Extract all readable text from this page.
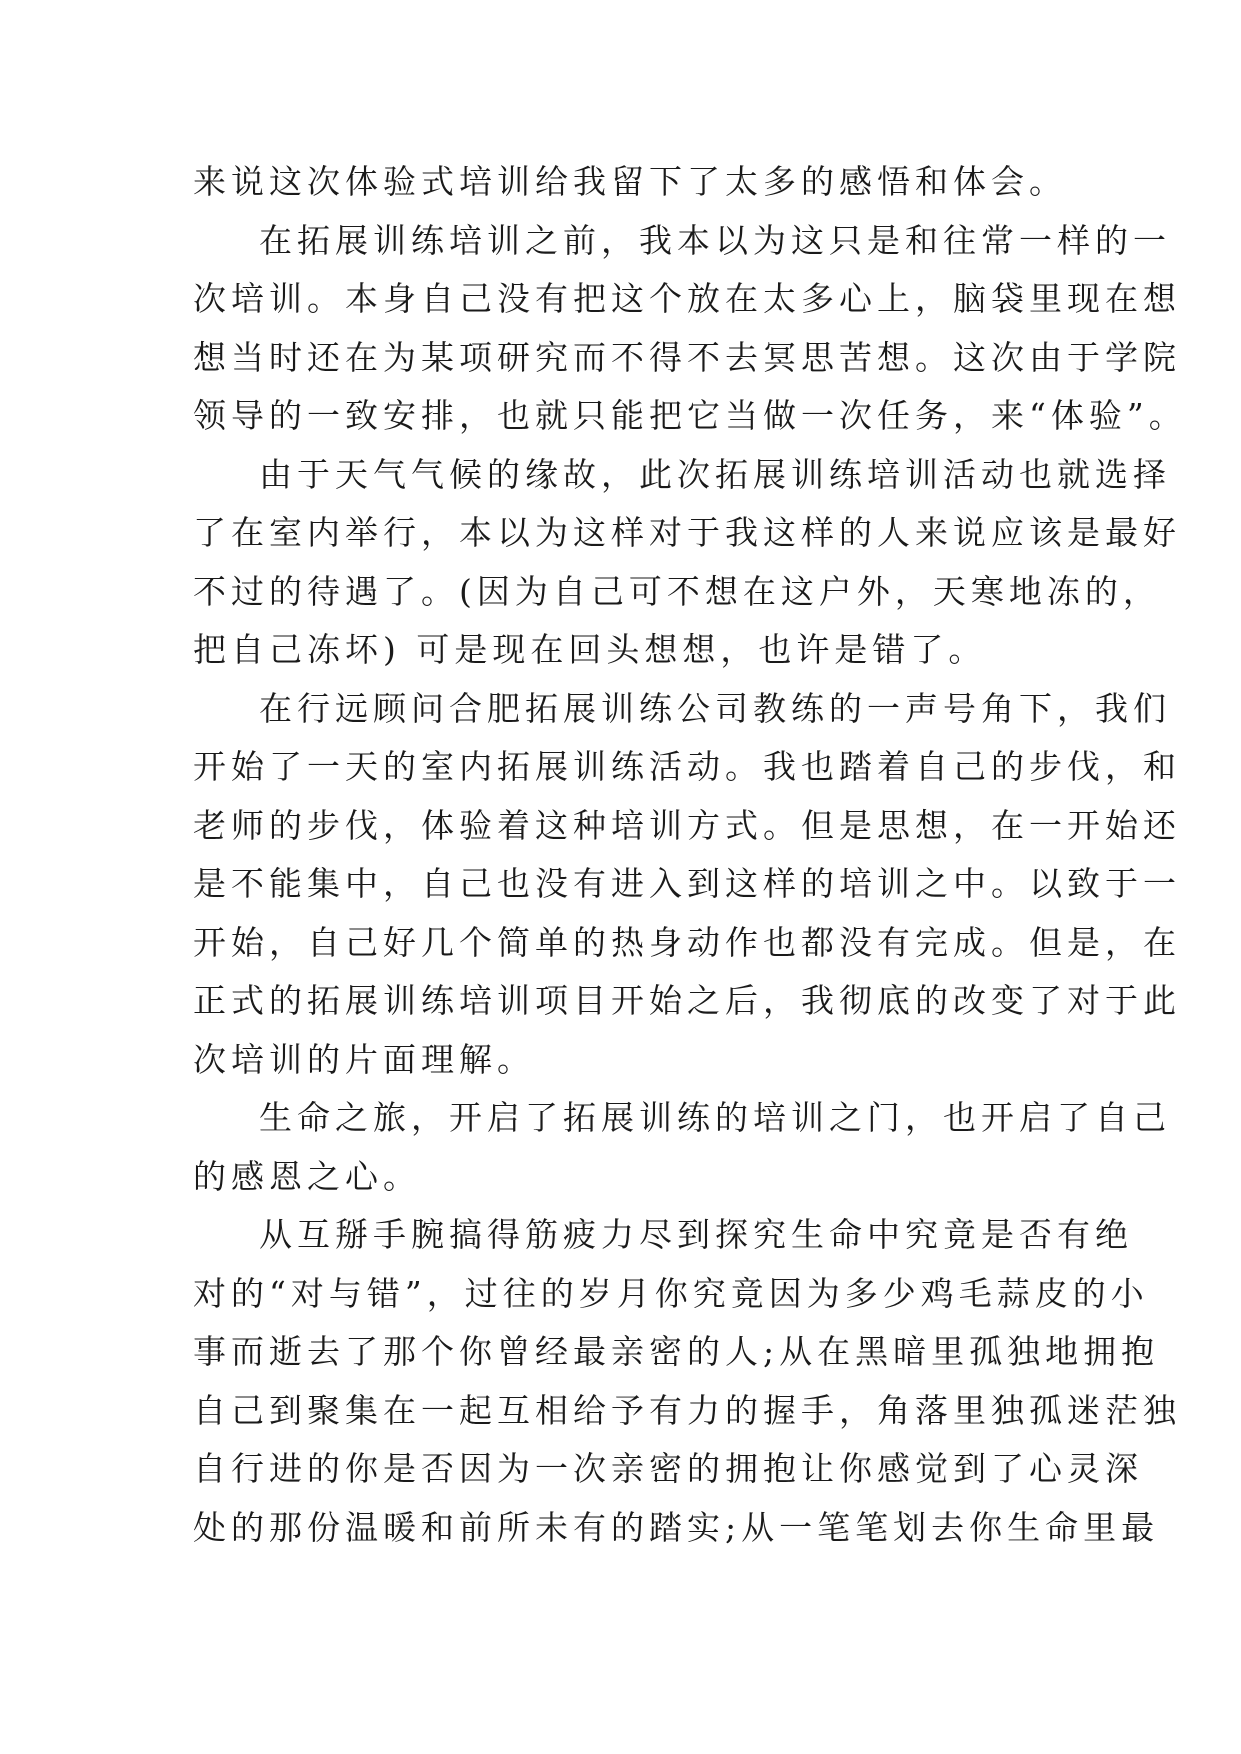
来说这次体验式培训给我留下了太多的感悟和体会。
在拓展训练培训之前，我本以为这只是和往常一样的一
次培训。本身自己没有把这个放在太多心上，脑袋里现在想
想当时还在为某项研究而不得不去冥思苦想。这次由于学院
领导的一致安排，也就只能把它当做一次任务，来“体验”。
由于天气气候的缘故，此次拓展训练培训活动也就选择
了在室内举行，本以为这样对于我这样的人来说应该是最好
不过的待遇了。(因为自己可不想在这户外，天寒地冻的，
把自己冻坏) 可是现在回头想想，也许是错了。
在行远顾问合肥拓展训练公司教练的一声号角下，我们
开始了一天的室内拓展训练活动。我也踏着自己的步伐，和
老师的步伐，体验着这种培训方式。但是思想，在一开始还
是不能集中，自己也没有进入到这样的培训之中。以致于一
开始，自己好几个简单的热身动作也都没有完成。但是，在
正式的拓展训练培训项目开始之后，我彻底的改变了对于此
次培训的片面理解。
生命之旅，开启了拓展训练的培训之门，也开启了自己
的感恩之心。
从互掰手腕搞得筋疲力尽到探究生命中究竟是否有绝
对的“对与错”，过往的岁月你究竟因为多少鸡毛蒜皮的小
事而逝去了那个你曾经最亲密的人;从在黑暗里孤独地拥抱
自己到聚集在一起互相给予有力的握手，角落里独孤迷茫独
自行进的你是否因为一次亲密的拥抱让你感觉到了心灵深
处的那份温暖和前所未有的踏实;从一笔笔划去你生命里最
